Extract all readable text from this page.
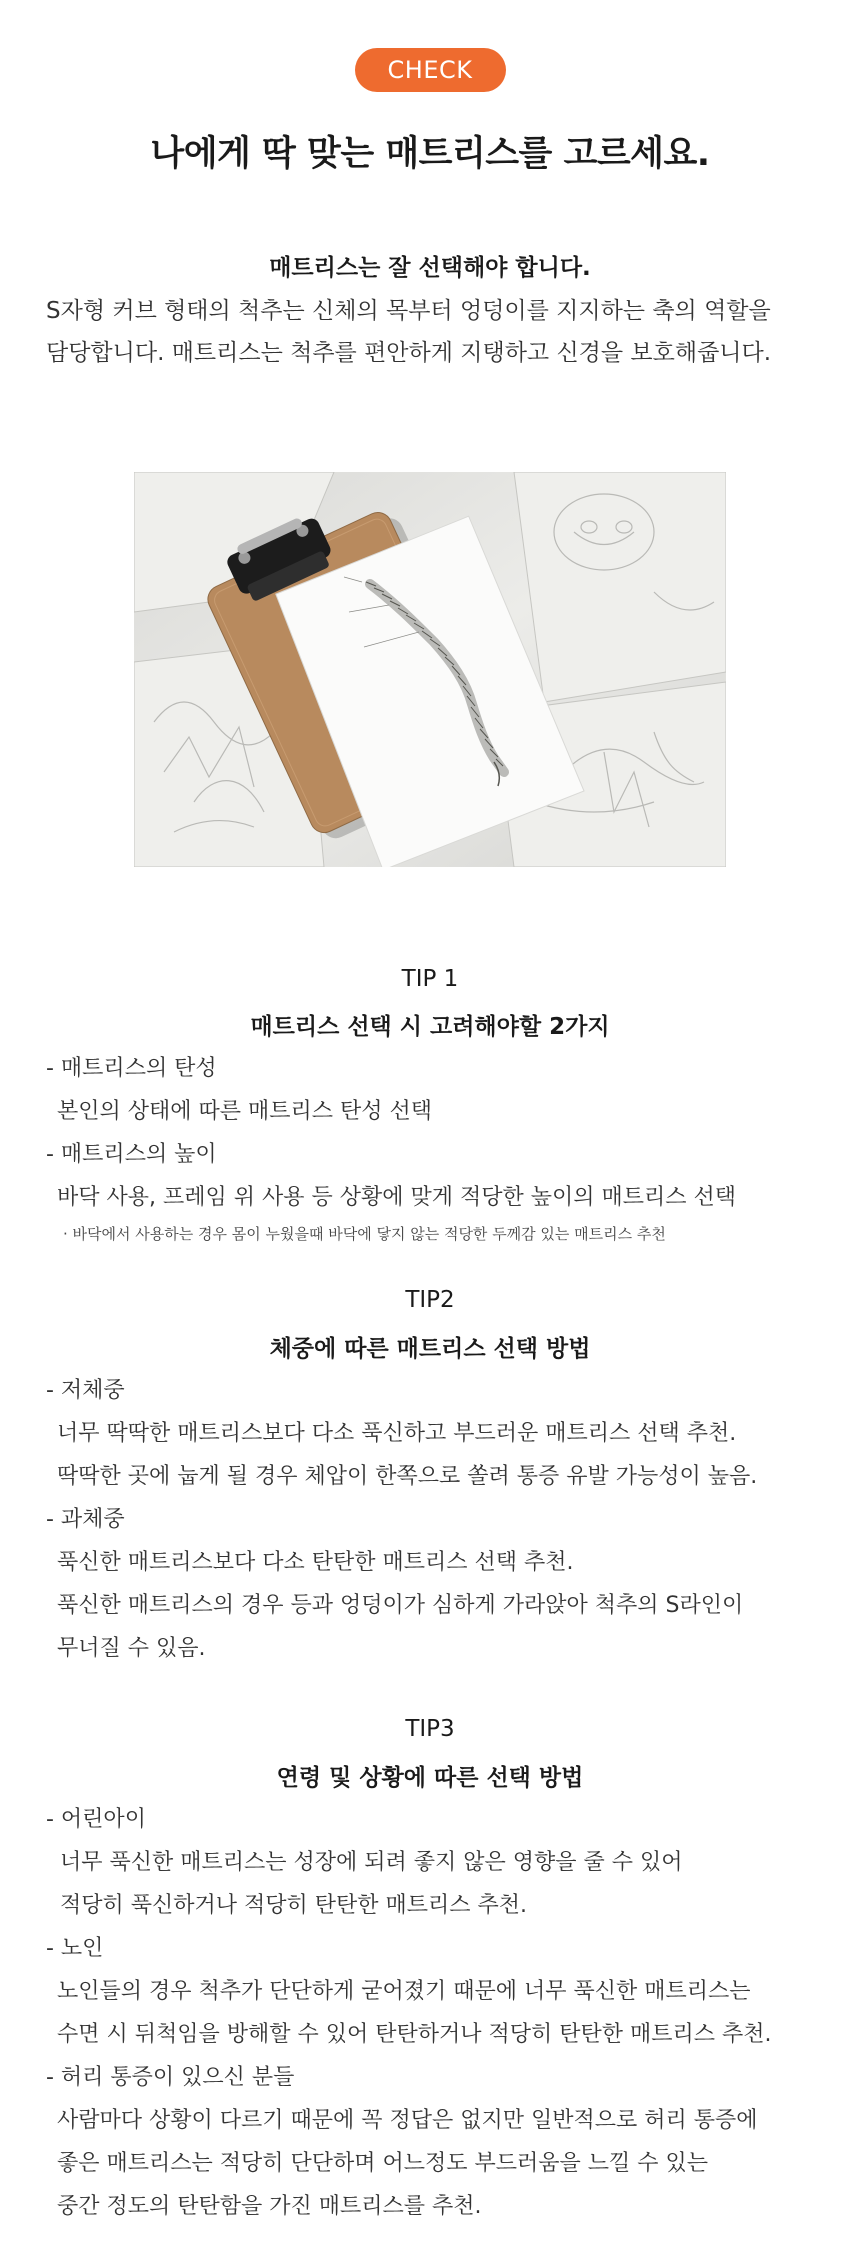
CHECK
나에게 딱 맞는 매트리스를 고르세요.
매트리스는 잘 선택해야 합니다.
S자형 커브 형태의 척추는 신체의 목부터 엉덩이를 지지하는 축의 역할을
담당합니다. 매트리스는 척추를 편안하게 지탱하고 신경을 보호해줍니다.
TIP 1
매트리스 선택 시 고려해야할 2가지
- 매트리스의 탄성
본인의 상태에 따른 매트리스 탄성 선택
- 매트리스의 높이
바닥 사용, 프레임 위 사용 등 상황에 맞게 적당한 높이의 매트리스 선택
· 바닥에서 사용하는 경우 몸이 누웠을때 바닥에 닿지 않는 적당한 두께감 있는 매트리스 추천
TIP2
체중에 따른 매트리스 선택 방법
- 저체중
너무 딱딱한 매트리스보다 다소 푹신하고 부드러운 매트리스 선택 추천.
딱딱한 곳에 눕게 될 경우 체압이 한쪽으로 쏠려 통증 유발 가능성이 높음.
- 과체중
푹신한 매트리스보다 다소 탄탄한 매트리스 선택 추천.
푹신한 매트리스의 경우 등과 엉덩이가 심하게 가라앉아 척추의 S라인이
무너질 수 있음.
TIP3
연령 및 상황에 따른 선택 방법
- 어린아이
너무 푹신한 매트리스는 성장에 되려 좋지 않은 영향을 줄 수 있어
적당히 푹신하거나 적당히 탄탄한 매트리스 추천.
- 노인
노인들의 경우 척추가 단단하게 굳어졌기 때문에 너무 푹신한 매트리스는
수면 시 뒤척임을 방해할 수 있어 탄탄하거나 적당히 탄탄한 매트리스 추천.
- 허리 통증이 있으신 분들
사람마다 상황이 다르기 때문에 꼭 정답은 없지만 일반적으로 허리 통증에
좋은 매트리스는 적당히 단단하며 어느정도 부드러움을 느낄 수 있는
중간 정도의 탄탄함을 가진 매트리스를 추천.
